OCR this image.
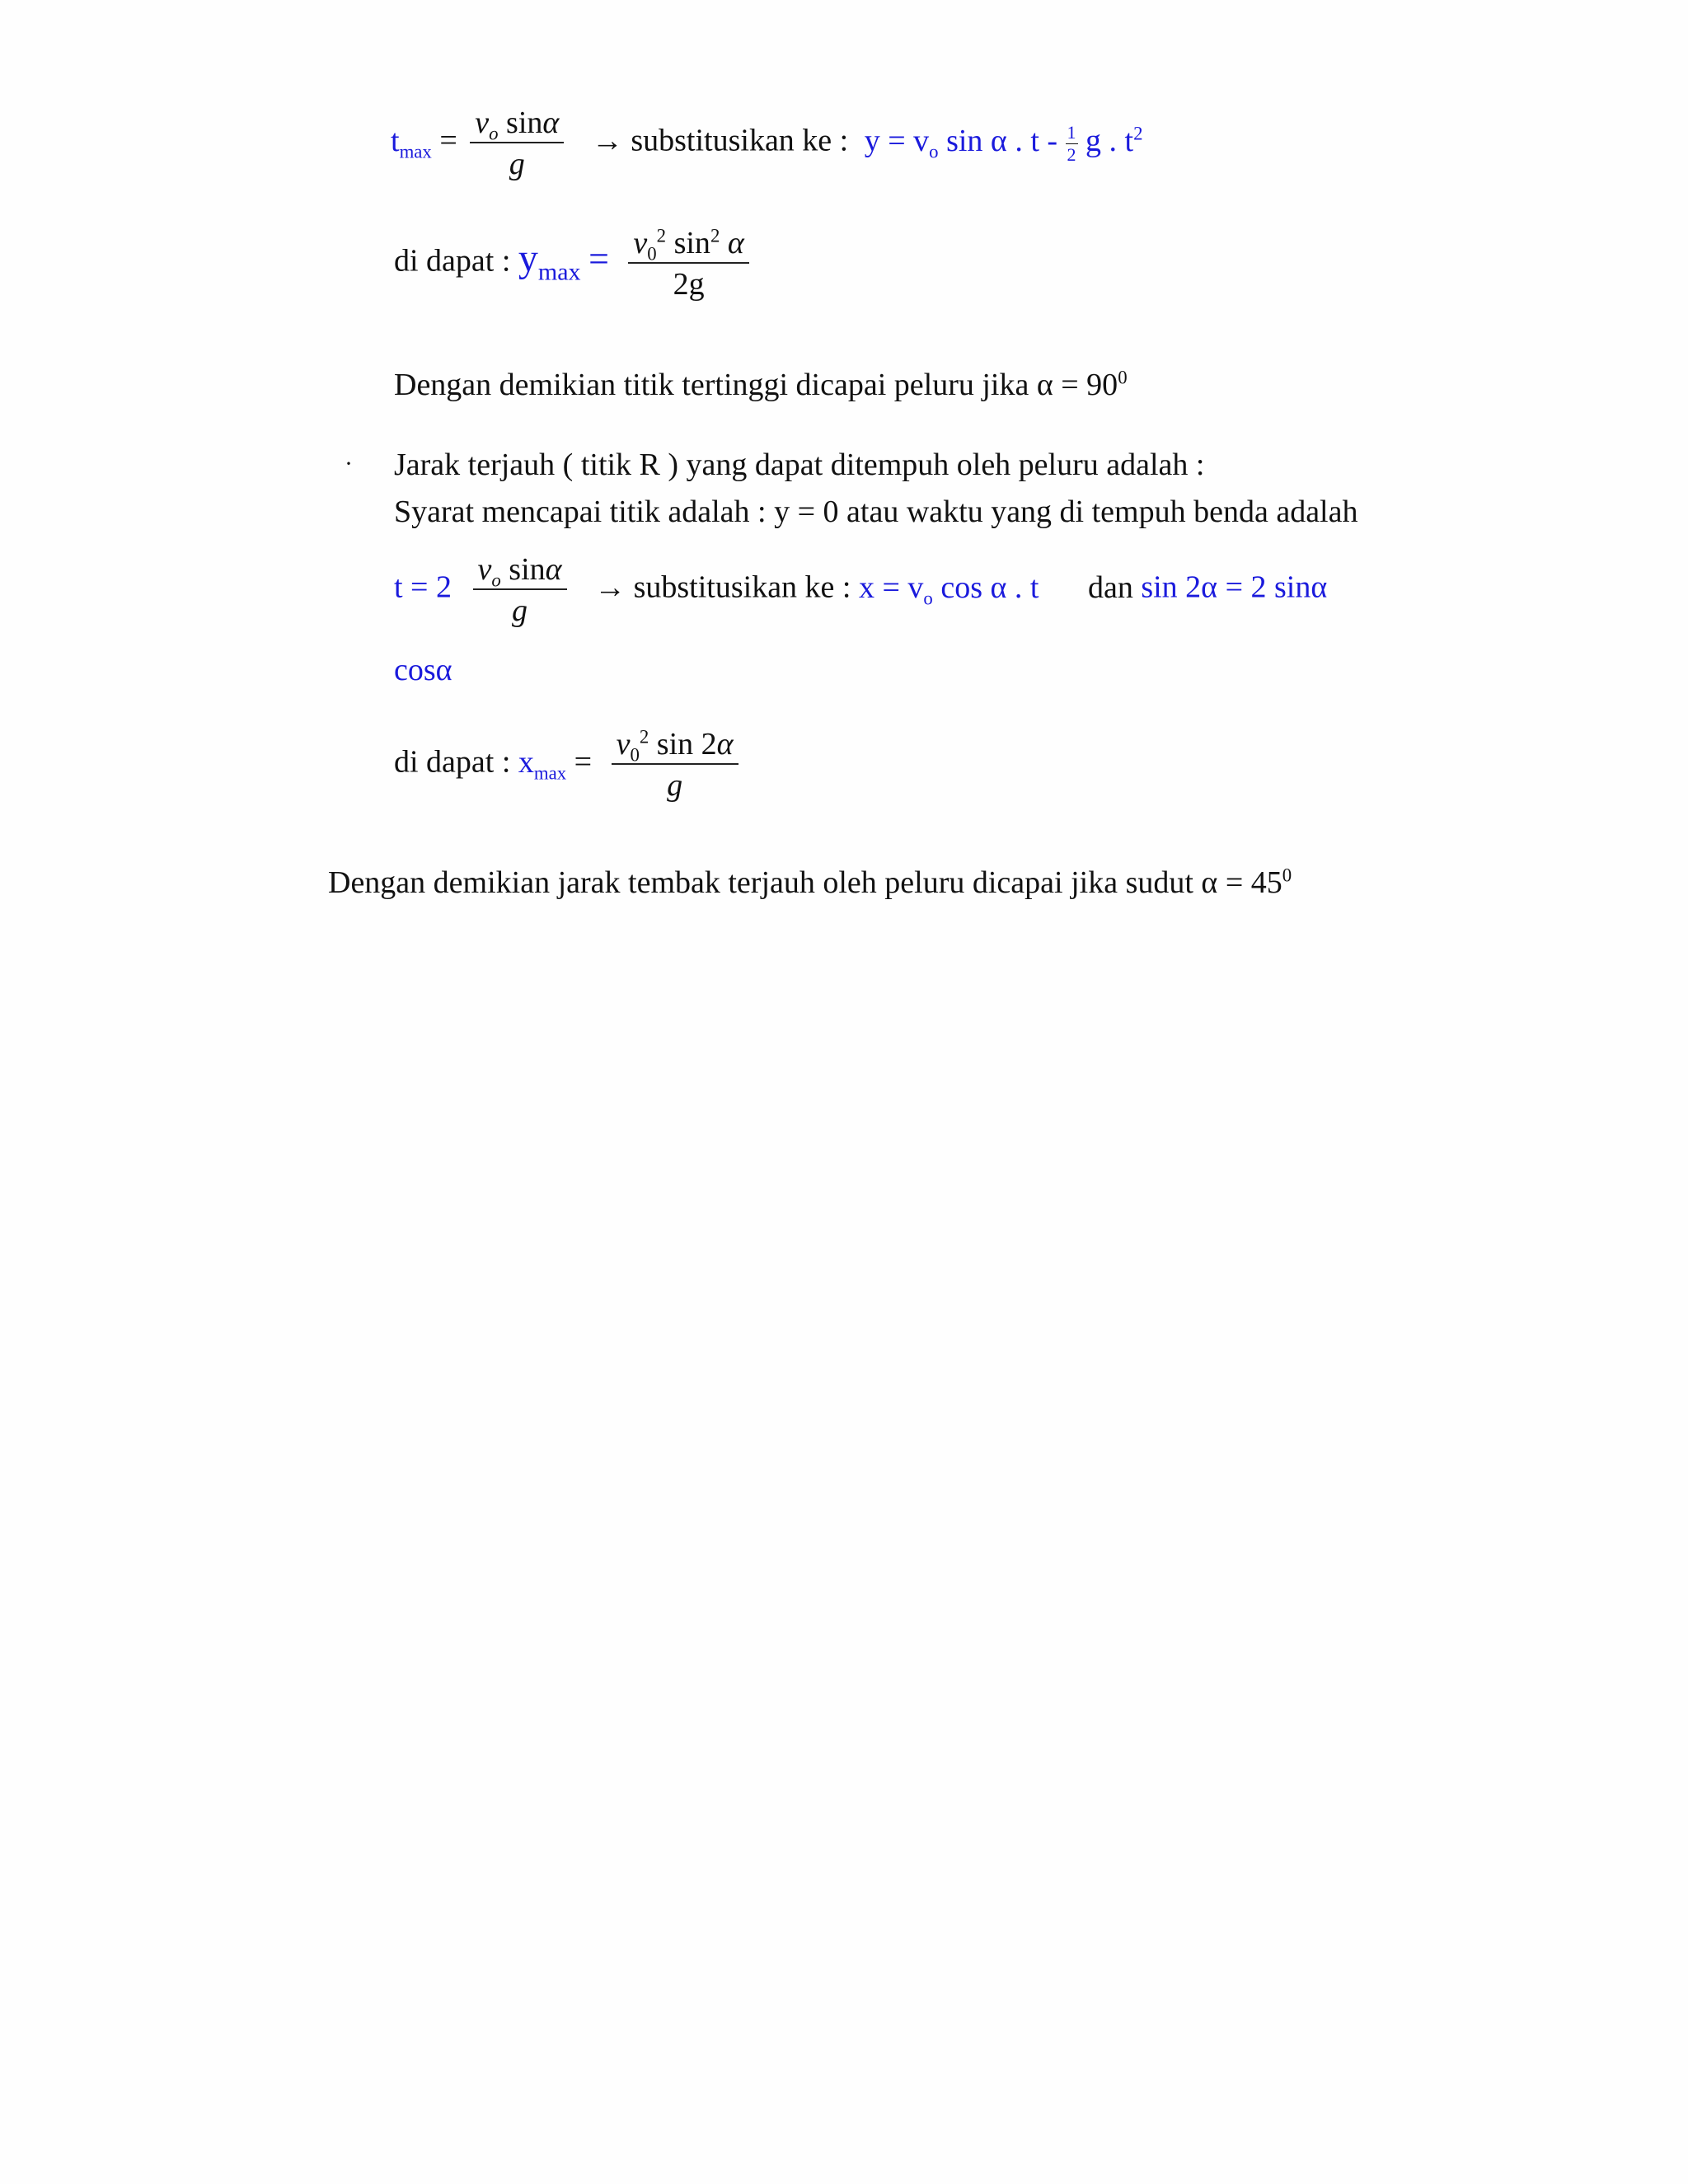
$t_{max} = \frac{v_o \sin\alpha}{g}$ → substitusikan ke : $y = v_o$ sin α . t - $\frac{1}{2}$ g . $t^2$
di dapat : $y_{max} = \frac{v_0^2 \sin^2 \alpha}{2g}$
Dengan demikian titik tertinggi dicapai peluru jika $\alpha = 90^0$
· Jarak terjauh ( titik R ) yang dapat ditempuh oleh peluru adalah :
Syarat mencapai titik adalah : y = 0 atau waktu yang di tempuh benda adalah
$t = 2 \frac{v_o \sin\alpha}{g}$ → substitusikan ke : $x = v_o$ cos α . t dan sin 2α = 2 sinα
cosα
di dapat : $x_{max} = \frac{v_0^2 \sin 2\alpha}{g}$
Dengan demikian jarak tembak terjauh oleh peluru dicapai jika sudut $\alpha = 45^0$
